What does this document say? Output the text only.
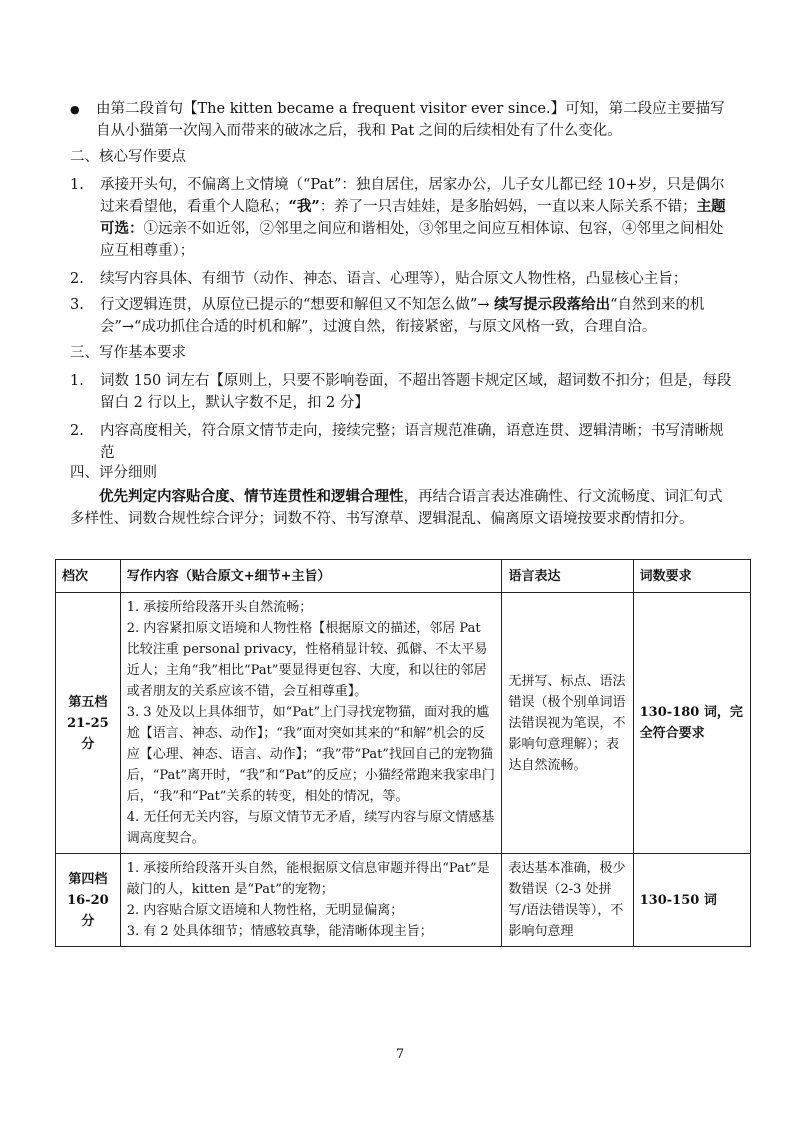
●	由第二段首句【The kitten became a frequent visitor ever since.】可知，第二段应主要描写自从小猫第一次闯入而带来的破冰之后，我和 Pat 之间的后续相处有了什么变化。
二、核心写作要点
1.	承接开头句，不偏离上文情境（“Pat”：独自居住，居家办公，儿子女儿都已经 10+岁，只是偶尔过来看望他，看重个人隐私；“我”：养了一只吉娃娃，是多胎妈妈，一直以来人际关系不错；主题可选：①远亲不如近邻，②邻里之间应和谐相处，③邻里之间应互相体谅、包容，④邻里之间相处应互相尊重）；
2.	续写内容具体、有细节（动作、神态、语言、心理等），贴合原文人物性格，凸显核心主旨；
3.	行文逻辑连贯，从原位已提示的“想要和解但又不知怎么做”→ 续写提示段落给出“自然到来的机会”→“成功抓住合适的时机和解”，过渡自然，衔接紧密，与原文风格一致，合理自洽。
三、写作基本要求
1.	词数 150 词左右【原则上，只要不影响卷面，不超出答题卡规定区域，超词数不扣分；但是，每段留白 2 行以上，默认字数不足，扣 2 分】
2.	内容高度相关，符合原文情节走向，接续完整；语言规范准确，语意连贯、逻辑清晰；书写清晰规范
四、评分细则
优先判定内容贴合度、情节连贯性和逻辑合理性，再结合语言表达准确性、行文流畅度、词汇句式多样性、词数合规性综合评分；词数不符、书写潦草、逻辑混乱、偏离原文语境按要求酌情扣分。
档次	写作内容（贴合原文+细节+主旨）	语言表达	词数要求

第五档
21-25 分	1. 承接所给段落开头自然流畅；
2. 内容紧扣原文语境和人物性格【根据原文的描述，邻居 Pat 比较注重 personal privacy，性格稍显计较、孤僻、不太平易近人；主角“我”相比“Pat”要显得更包容、大度，和以往的邻居或者朋友的关系应该不错，会互相尊重】。
3. 3 处及以上具体细节，如“Pat”上门寻找宠物猫，面对我的尴尬【语言、神态、动作】；“我”面对突如其来的“和解”机会的反应【心理、神态、语言、动作】；“我”带“Pat”找回自己的宠物猫后，“Pat”离开时，“我”和“Pat”的反应；小猫经常跑来我家串门后，“我”和“Pat”关系的转变，相处的情况，等。
4. 无任何无关内容，与原文情节无矛盾，续写内容与原文情感基调高度契合。	无拼写、标点、语法错误（极个别单词语法错误视为笔误，不影响句意理解）；表达自然流畅。	130-180 词，完全符合要求

第四档
16-20 分	1. 承接所给段落开头自然，能根据原文信息审题并得出“Pat”是敲门的人，kitten 是“Pat”的宠物；
2. 内容贴合原文语境和人物性格，无明显偏离；
3. 有 2 处具体细节；情感较真挚，能清晰体现主旨；	表达基本准确，极少数错误（2-3 处拼写/语法错误等），不影响句意理	130-150 词
7
